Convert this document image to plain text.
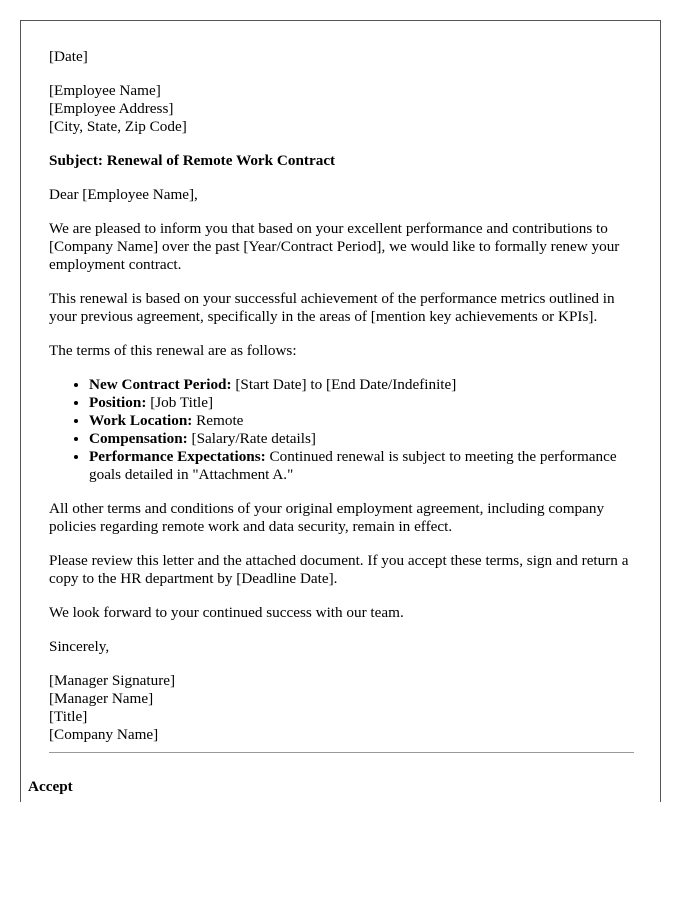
[Date]

[Employee Name]
[Employee Address]
[City, State, Zip Code]

Subject: Renewal of Remote Work Contract

Dear [Employee Name],

We are pleased to inform you that based on your excellent performance and contributions to [Company Name] over the past [Year/Contract Period], we would like to formally renew your employment contract.

This renewal is based on your successful achievement of the performance metrics outlined in your previous agreement, specifically in the areas of [mention key achievements or KPIs].

The terms of this renewal are as follows:

• New Contract Period: [Start Date] to [End Date/Indefinite]
• Position: [Job Title]
• Work Location: Remote
• Compensation: [Salary/Rate details]
• Performance Expectations: Continued renewal is subject to meeting the performance goals detailed in "Attachment A."

All other terms and conditions of your original employment agreement, including company policies regarding remote work and data security, remain in effect.

Please review this letter and the attached document. If you accept these terms, sign and return a copy to the HR department by [Deadline Date].

We look forward to your continued success with our team.

Sincerely,

[Manager Signature]
[Manager Name]
[Title]
[Company Name]
Accept
